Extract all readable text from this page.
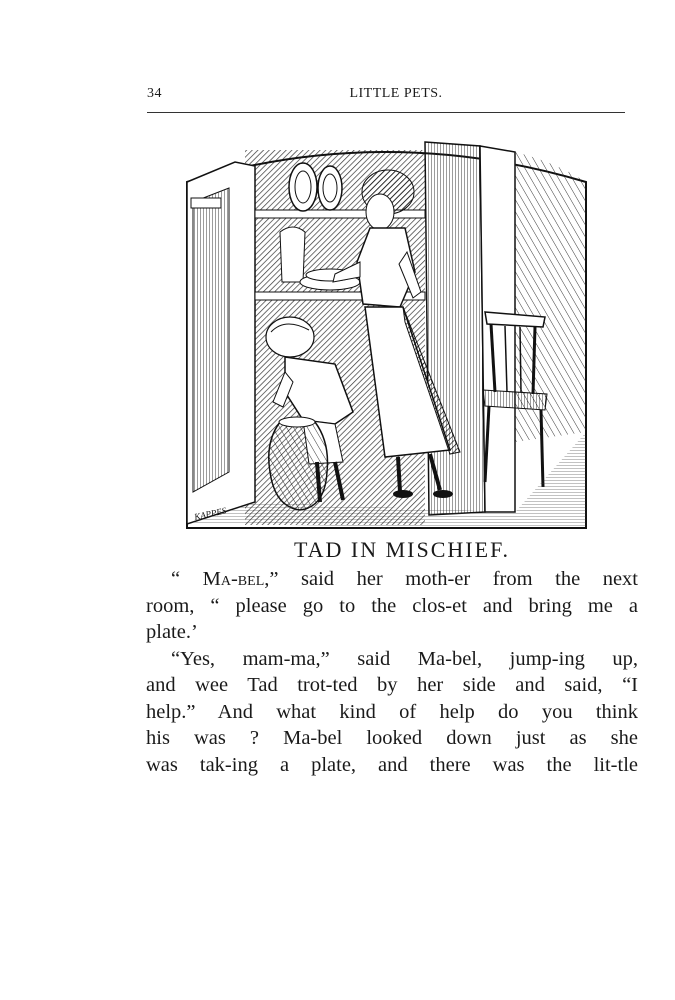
34	LITTLE PETS.
KAPPES
TAD IN MISCHIEF.

“ Ma-bel,” said her moth-er from the next
room, “ please go to the clos-et and bring me a
plate.’

“Yes, mam-ma,” said Ma-bel, jump-ing up,
and wee Tad trot-ted by her side and said, “I
help.” And what kind of help do you think
his was ? Ma-bel looked down just as she
was tak-ing a plate, and there was the lit-tle
